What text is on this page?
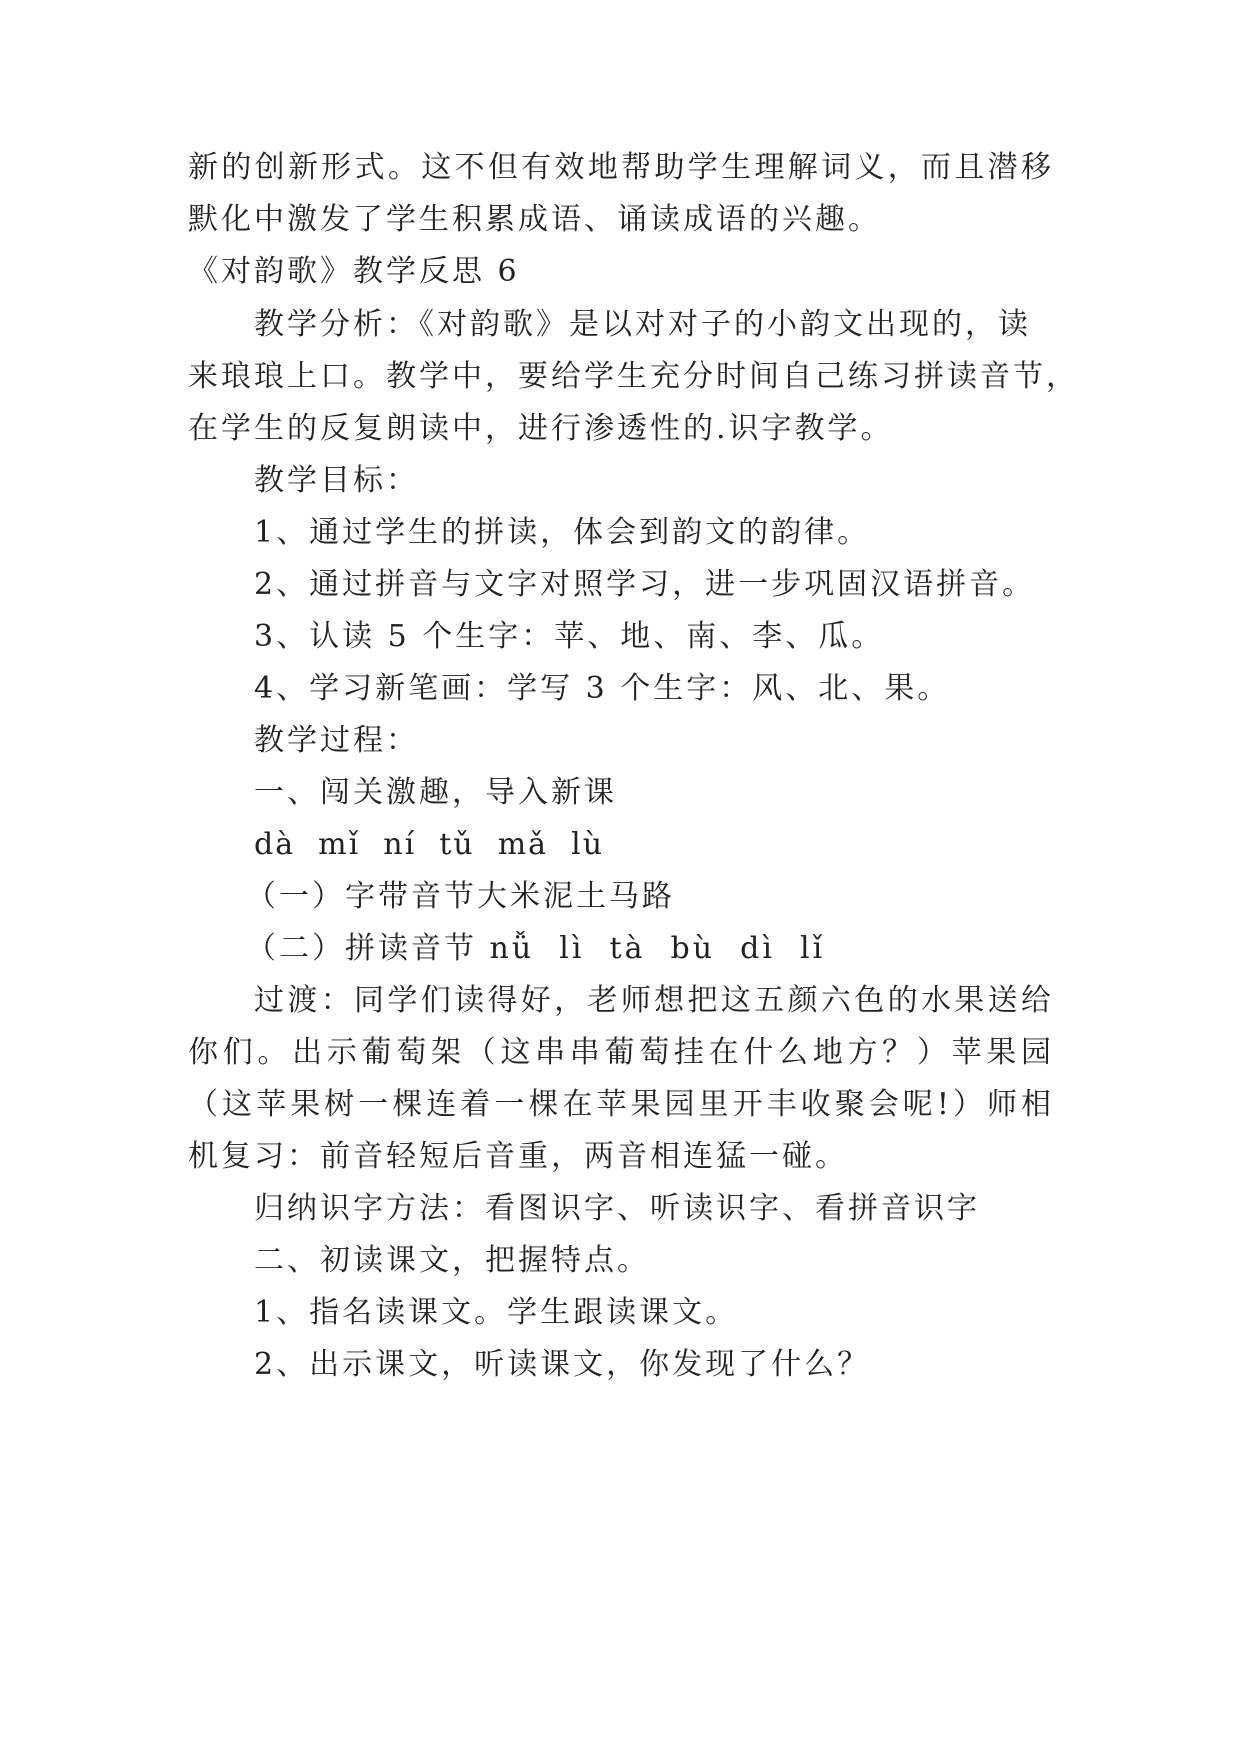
新的创新形式。这不但有效地帮助学生理解词义，而且潜移
默化中激发了学生积累成语、诵读成语的兴趣。
《对韵歌》教学反思 6
教学分析：《对韵歌》是以对对子的小韵文出现的，读
来琅琅上口。教学中，要给学生充分时间自己练习拼读音节，
在学生的反复朗读中，进行渗透性的.识字教学。
教学目标：
1、通过学生的拼读，体会到韵文的韵律。
2、通过拼音与文字对照学习，进一步巩固汉语拼音。
3、认读 5 个生字：苹、地、南、李、瓜。
4、学习新笔画：学写 3 个生字：风、北、果。
教学过程：
一、闯关激趣，导入新课
dà  mǐ  ní  tǔ  mǎ  lù
（一）字带音节大米泥土马路
（二）拼读音节 nǚ  lì  tà  bù  dì  lǐ
过渡：同学们读得好，老师想把这五颜六色的水果送给
你们。出示葡萄架（这串串葡萄挂在什么地方？）苹果园
（这苹果树一棵连着一棵在苹果园里开丰收聚会呢!）师相
机复习：前音轻短后音重，两音相连猛一碰。
归纳识字方法：看图识字、听读识字、看拼音识字
二、初读课文，把握特点。
1、指名读课文。学生跟读课文。
2、出示课文，听读课文，你发现了什么？
